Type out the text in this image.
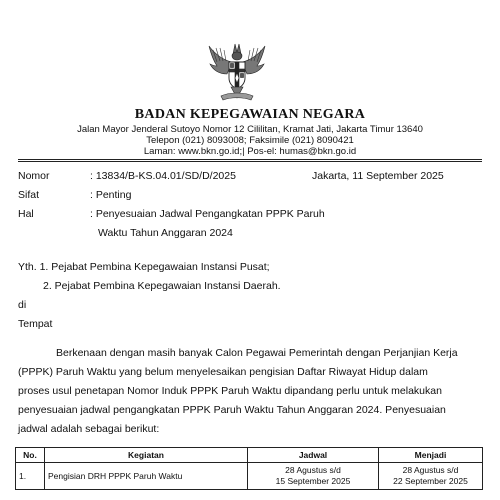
BADAN KEPEGAWAIAN NEGARA
Jalan Mayor Jenderal Sutoyo Nomor 12 Cililitan, Kramat Jati, Jakarta Timur 13640
Telepon (021) 8093008; Faksimile (021) 8090421
Laman: www.bkn.go.id;| Pos-el: humas@bkn.go.id
Nomor	: 13834/B-KS.04.01/SD/D/2025	Jakarta, 11 September 2025
Sifat	: Penting
Hal	: Penyesuaian Jadwal Pengangkatan PPPK Paruh
Waktu Tahun Anggaran 2024
Yth. 1. Pejabat Pembina Kepegawaian Instansi Pusat;
2. Pejabat Pembina Kepegawaian Instansi Daerah.
di
Tempat
Berkenaan dengan masih banyak Calon Pegawai Pemerintah dengan Perjanjian Kerja
(PPPK) Paruh Waktu yang belum menyelesaikan pengisian Daftar Riwayat Hidup dalam
proses usul penetapan Nomor Induk PPPK Paruh Waktu dipandang perlu untuk melakukan
penyesuaian jadwal pengangkatan PPPK Paruh Waktu Tahun Anggaran 2024. Penyesuaian
jadwal adalah sebagai berikut:
No.	Kegiatan	Jadwal	Menjadi
1.	Pengisian DRH PPPK Paruh Waktu	28 Agustus s/d
15 September 2025	28 Agustus s/d
22 September 2025
